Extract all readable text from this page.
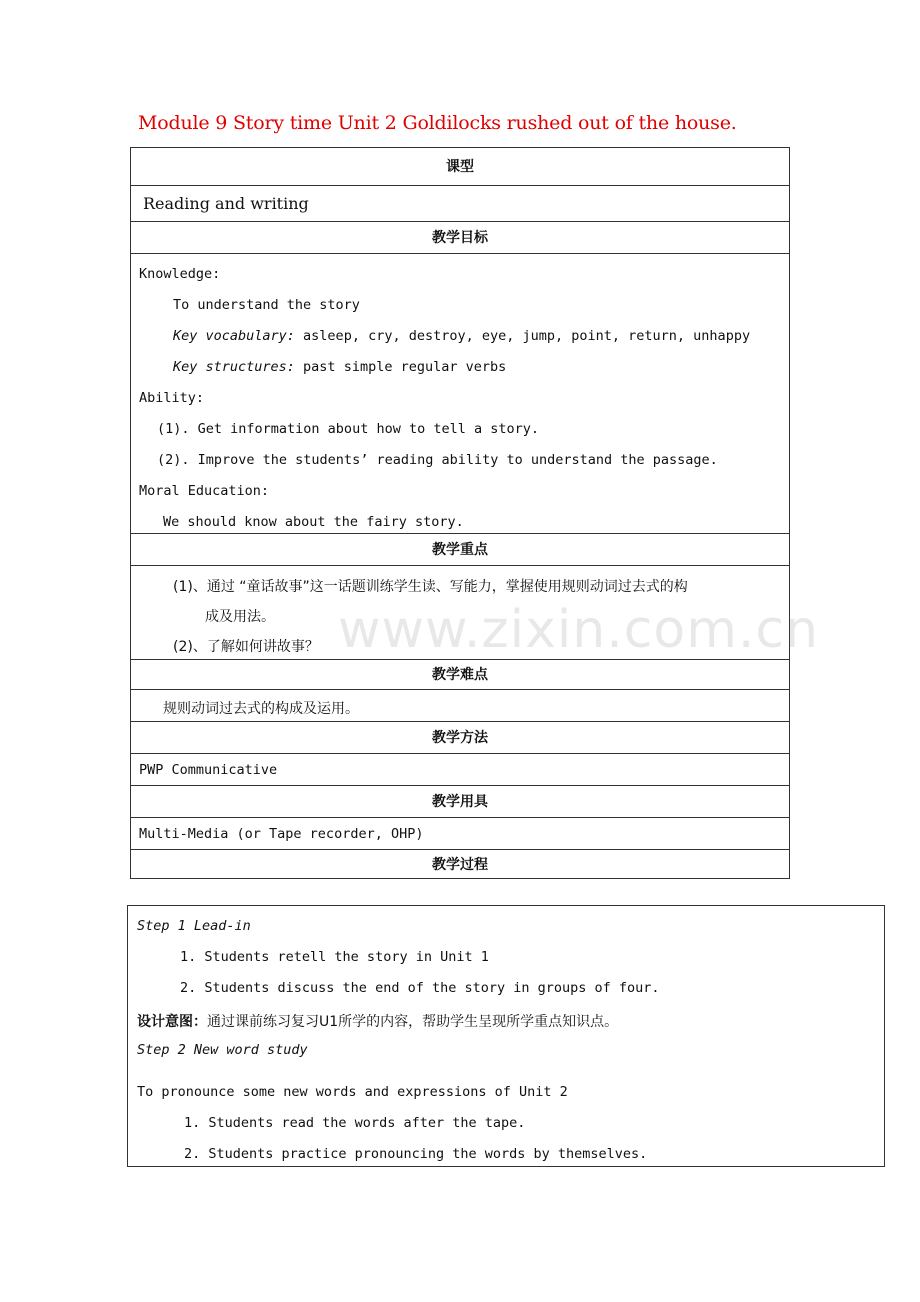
Module 9 Story time Unit 2 Goldilocks rushed out of the house.
课型
Reading and writing
教学目标
Knowledge:
To understand the story
Key vocabulary: asleep, cry, destroy, eye, jump, point, return, unhappy
Key structures: past simple regular verbs
Ability:
(1). Get information about how to tell a story.
(2). Improve the students’ reading ability to understand the passage.
Moral Education:
We should know about the fairy story.
教学重点
(1)、通过 “童话故事”这一话题训练学生读、写能力，掌握使用规则动词过去式的构
成及用法。
(2)、了解如何讲故事？
教学难点
规则动词过去式的构成及运用。
教学方法
PWP Communicative
教学用具
Multi-Media (or Tape recorder, OHP)
教学过程
Step 1 Lead-in
1. Students retell the story in Unit 1
2. Students discuss the end of the story in groups of four.
设计意图：通过课前练习复习U1所学的内容，帮助学生呈现所学重点知识点。
Step 2 New word study
To pronounce some new words and expressions of Unit 2
1. Students read the words after the tape.
2. Students practice pronouncing the words by themselves.
www.zixin.com.cn
